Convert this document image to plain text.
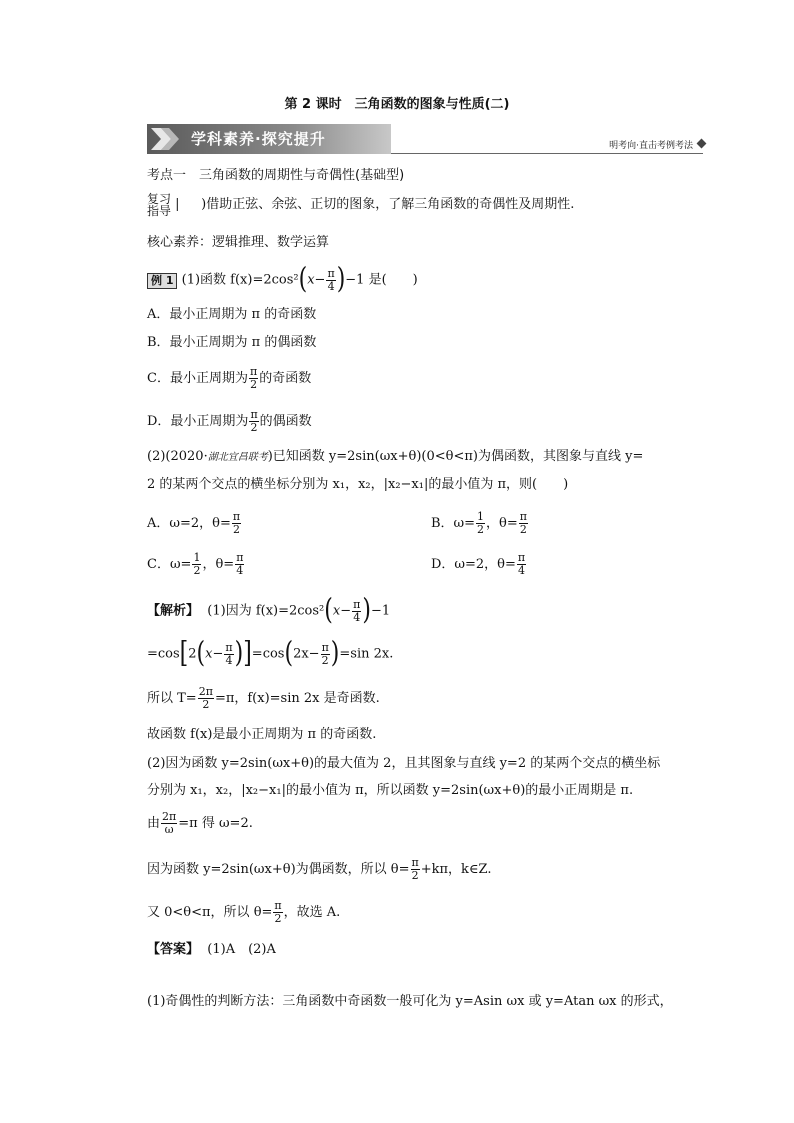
第 2 课时　三角函数的图象与性质(二)
学科素养·探究提升	明考向·直击考例考法
考点一　三角函数的周期性与奇偶性(基础型)
复习
指导 | )借助正弦、余弦、正切的图象，了解三角函数的奇偶性及周期性.
核心素养：逻辑推理、数学运算
例 1 (1)函数 $f(x)=2\cos^2(x- \frac{\pi}{4} )-1$ 是(　　)
A．最小正周期为 π 的奇函数
B．最小正周期为 π 的偶函数
C．最小正周期为 $\frac{\pi}{2}$ 的奇函数
D．最小正周期为 $\frac{\pi}{2}$ 的偶函数
(2)(2020·湖北宜昌联考)已知函数 y=2sin(ωx+θ)(0<θ<π)为偶函数，其图象与直线 y=
2 的某两个交点的横坐标分别为 x₁，x₂，|x₂−x₁|的最小值为 π，则(　　)
A．ω=2，$\theta= \frac{\pi}{2}$	B．$\omega= \frac{1}{2}$ ，$\theta= \frac{\pi}{2}$
C．$\omega= \frac{1}{2}$ ，$\theta= \frac{\pi}{4}$	D．ω=2，$\theta= \frac{\pi}{4}$
【解析】 (1)因为 $f(x)=2\cos^2(x- \frac{\pi}{4} )-1$
$=\cos[2(x- \frac{\pi}{4} )]=\cos(2x- \frac{\pi}{2} )=\sin$ 2x.
所以 $T= \frac{2\pi}{2} =\pi$，f(x)=sin 2x 是奇函数.
故函数 f(x)是最小正周期为 π 的奇函数.
(2)因为函数 y=2sin(ωx+θ)的最大值为 2，且其图象与直线 y=2 的某两个交点的横坐标
分别为 x₁，x₂，|x₂−x₁|的最小值为 π，所以函数 y=2sin(ωx+θ)的最小正周期是 π.
由 $\frac{2\pi}{\omega} =\pi$ 得 ω=2.
因为函数 y=2sin(ωx+θ)为偶函数，所以 $\theta= \frac{\pi}{2} +k\pi$，k∈Z.
又 0<θ<π，所以 $\theta= \frac{\pi}{2}$ ，故选 A.
【答案】 (1)A　(2)A
(1)奇偶性的判断方法：三角函数中奇函数一般可化为 y=Asin ωx 或 y=Atan ωx 的形式，
